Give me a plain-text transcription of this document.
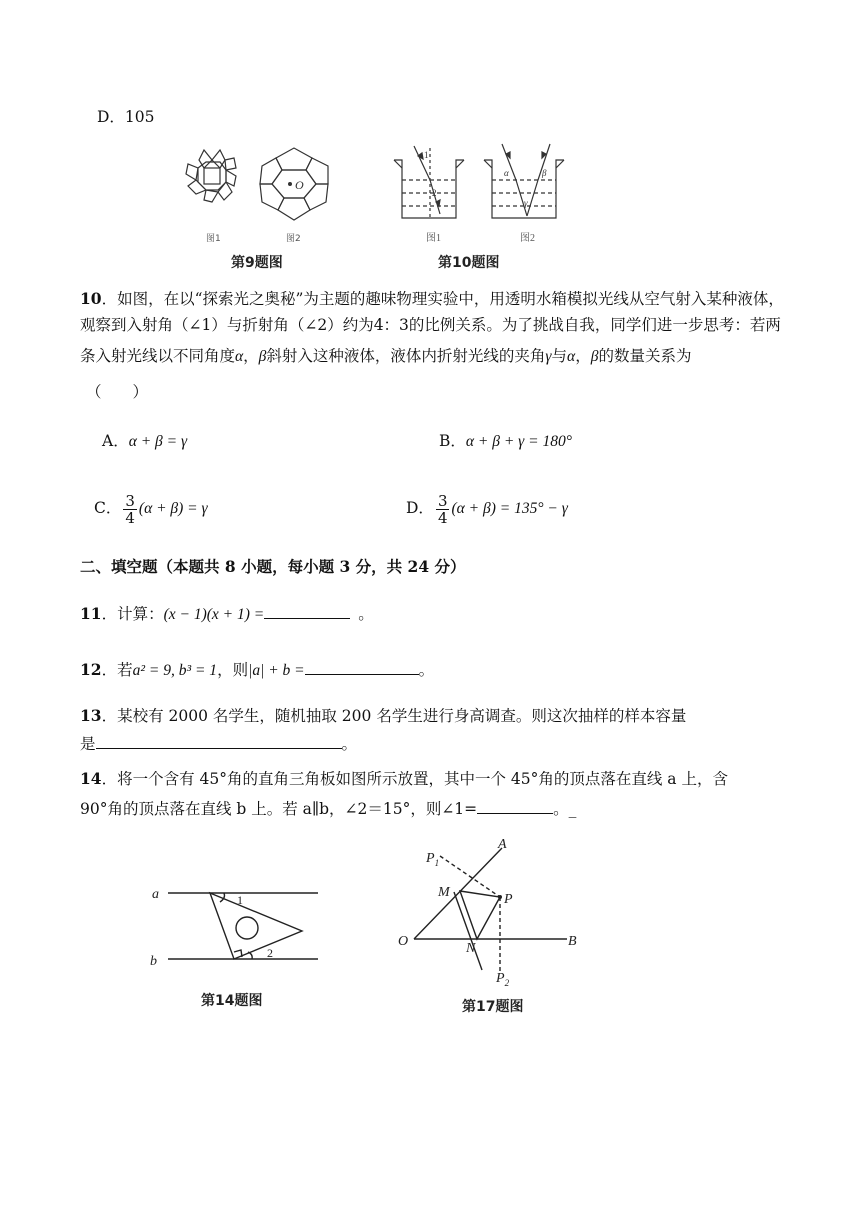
D．105
O
图1	图2
第9题图
1
2
α	β
γ
图1	图2
第10题图
10．如图，在以“探索光之奥秘”为主题的趣味物理实验中，用透明水箱模拟光线从空气射入某种液体，
观察到入射角（∠1）与折射角（∠2）约为4：3的比例关系。为了挑战自我，同学们进一步思考：若两
条入射光线以不同角度α，β斜射入这种液体，液体内折射光线的夹角γ与α，β的数量关系为
（　　）
A．α + β = γ	B．α + β + γ = 180°
C． $\frac{3}{4} (\alpha + \beta) = \gamma$	D． $\frac{3}{4} (\alpha + \beta) = 135^\circ - \gamma$
二、填空题（本题共 8 小题，每小题 3 分，共 24 分）
11．计算：(x − 1)(x + 1) =	。
12．若a² = 9, b³ = 1，则|a| + b =	。
13．某校有 2000 名学生，随机抽取 200 名学生进行身高调查。则这次抽样的样本容量
是	。
14．将一个含有 45°角的直角三角板如图所示放置，其中一个 45°角的顶点落在直线 a 上，含
90°角的顶点落在直线 b 上。若 a∥b，∠2＝15°，则∠1=	。_
a
b
1
2
第14题图
$P_1$
A
M	P
O	N	B
$P_2$
第17题图
